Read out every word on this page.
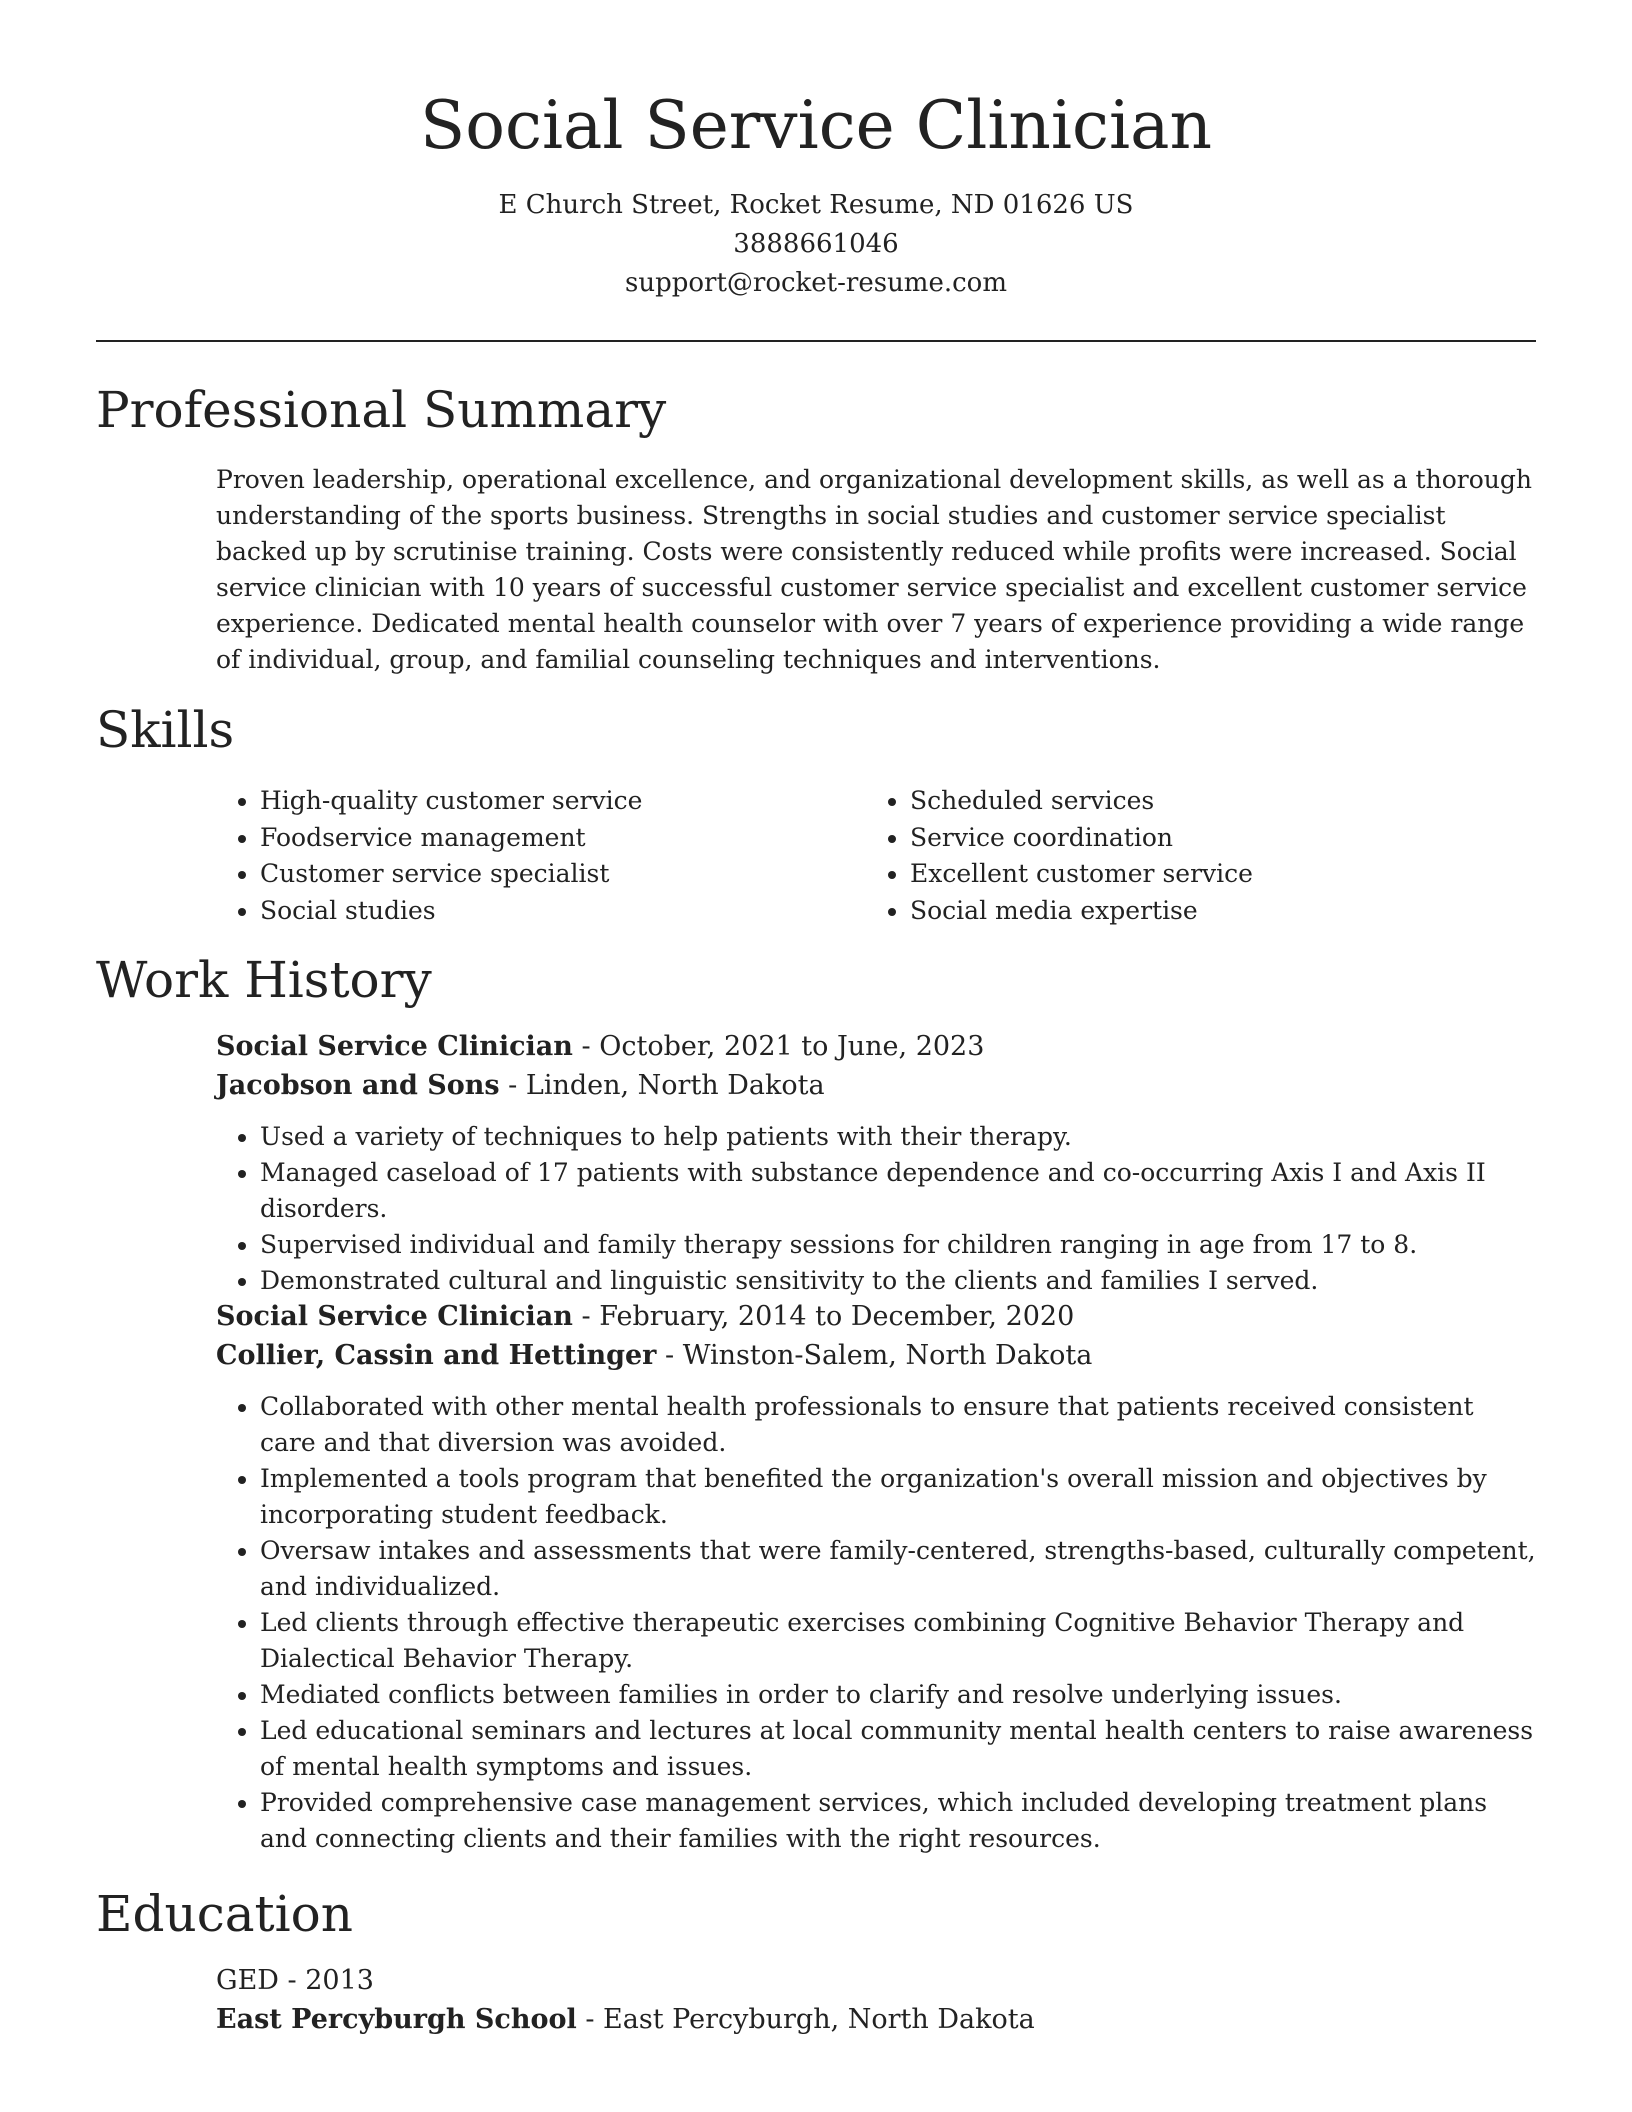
Social Service Clinician
E Church Street, Rocket Resume, ND 01626 US
3888661046
support@rocket-resume.com
Professional Summary

Proven leadership, operational excellence, and organizational development skills, as well as a thorough understanding of the sports business. Strengths in social studies and customer service specialist backed up by scrutinise training. Costs were consistently reduced while profits were increased. Social service clinician with 10 years of successful customer service specialist and excellent customer service experience. Dedicated mental health counselor with over 7 years of experience providing a wide range of individual, group, and familial counseling techniques and interventions.

Skills
• High-quality customer service
• Foodservice management
• Customer service specialist
• Social studies
• Scheduled services
• Service coordination
• Excellent customer service
• Social media expertise
Work History
Social Service Clinician - October, 2021 to June, 2023
Jacobson and Sons - Linden, North Dakota
• Used a variety of techniques to help patients with their therapy.
• Managed caseload of 17 patients with substance dependence and co-occurring Axis I and Axis II disorders.
• Supervised individual and family therapy sessions for children ranging in age from 17 to 8.
• Demonstrated cultural and linguistic sensitivity to the clients and families I served.
Social Service Clinician - February, 2014 to December, 2020
Collier, Cassin and Hettinger - Winston-Salem, North Dakota
• Collaborated with other mental health professionals to ensure that patients received consistent care and that diversion was avoided.
• Implemented a tools program that benefited the organization's overall mission and objectives by incorporating student feedback.
• Oversaw intakes and assessments that were family-centered, strengths-based, culturally competent, and individualized.
• Led clients through effective therapeutic exercises combining Cognitive Behavior Therapy and Dialectical Behavior Therapy.
• Mediated conflicts between families in order to clarify and resolve underlying issues.
• Led educational seminars and lectures at local community mental health centers to raise awareness of mental health symptoms and issues.
• Provided comprehensive case management services, which included developing treatment plans and connecting clients and their families with the right resources.
Education
GED - 2013
East Percyburgh School - East Percyburgh, North Dakota
